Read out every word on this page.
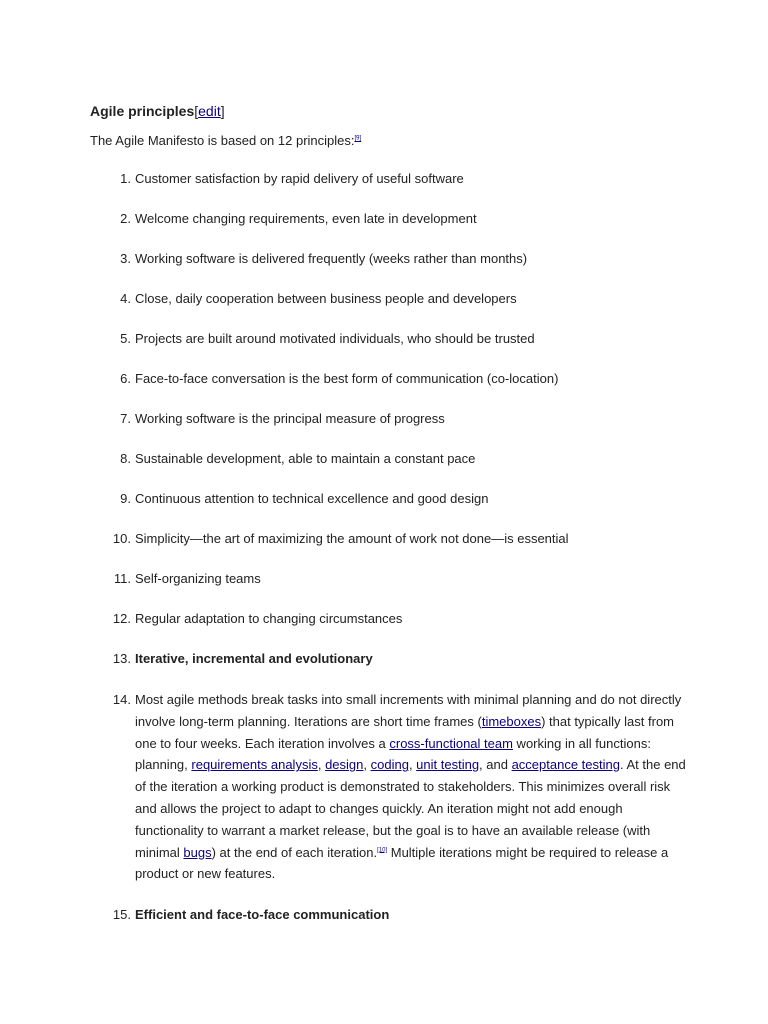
Agile principles[edit]

The Agile Manifesto is based on 12 principles:[9]

1. Customer satisfaction by rapid delivery of useful software
2. Welcome changing requirements, even late in development
3. Working software is delivered frequently (weeks rather than months)
4. Close, daily cooperation between business people and developers
5. Projects are built around motivated individuals, who should be trusted
6. Face-to-face conversation is the best form of communication (co-location)
7. Working software is the principal measure of progress
8. Sustainable development, able to maintain a constant pace
9. Continuous attention to technical excellence and good design
10. Simplicity—the art of maximizing the amount of work not done—is essential
11. Self-organizing teams
12. Regular adaptation to changing circumstances
13. Iterative, incremental and evolutionary
14. Most agile methods break tasks into small increments with minimal planning and do not directly involve long-term planning. Iterations are short time frames (timeboxes) that typically last from one to four weeks. Each iteration involves a cross-functional team working in all functions: planning, requirements analysis, design, coding, unit testing, and acceptance testing. At the end of the iteration a working product is demonstrated to stakeholders. This minimizes overall risk and allows the project to adapt to changes quickly. An iteration might not add enough functionality to warrant a market release, but the goal is to have an available release (with minimal bugs) at the end of each iteration.[10] Multiple iterations might be required to release a product or new features.
15. Efficient and face-to-face communication
